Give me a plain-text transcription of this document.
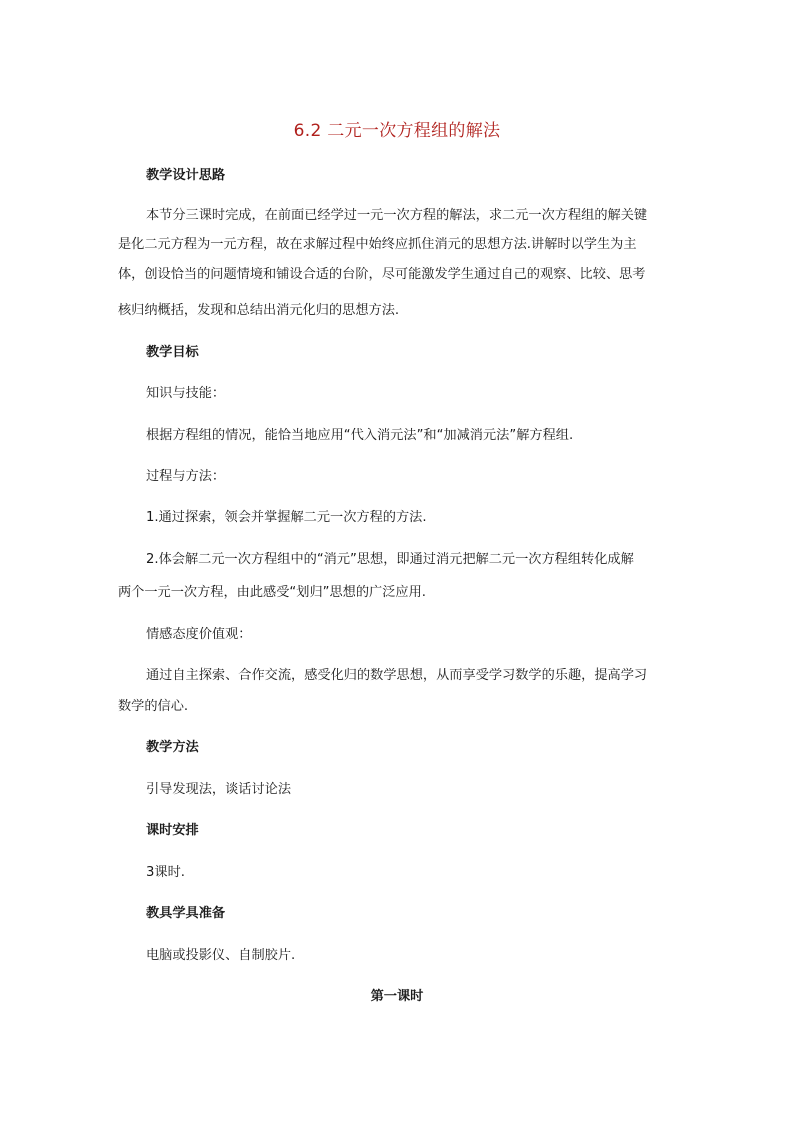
6.2 二元一次方程组的解法
教学设计思路
本节分三课时完成，在前面已经学过一元一次方程的解法，求二元一次方程组的解关键
是化二元方程为一元方程，故在求解过程中始终应抓住消元的思想方法.讲解时以学生为主
体，创设恰当的问题情境和铺设合适的台阶，尽可能激发学生通过自己的观察、比较、思考
核归纳概括，发现和总结出消元化归的思想方法.
教学目标
知识与技能：
根据方程组的情况，能恰当地应用“代入消元法”和“加减消元法”解方程组.
过程与方法：
1.通过探索，领会并掌握解二元一次方程的方法.
2.体会解二元一次方程组中的“消元”思想，即通过消元把解二元一次方程组转化成解
两个一元一次方程，由此感受“划归”思想的广泛应用.
情感态度价值观：
通过自主探索、合作交流，感受化归的数学思想，从而享受学习数学的乐趣，提高学习
数学的信心.
教学方法
引导发现法，谈话讨论法
课时安排
3课时.
教具学具准备
电脑或投影仪、自制胶片.
第一课时
